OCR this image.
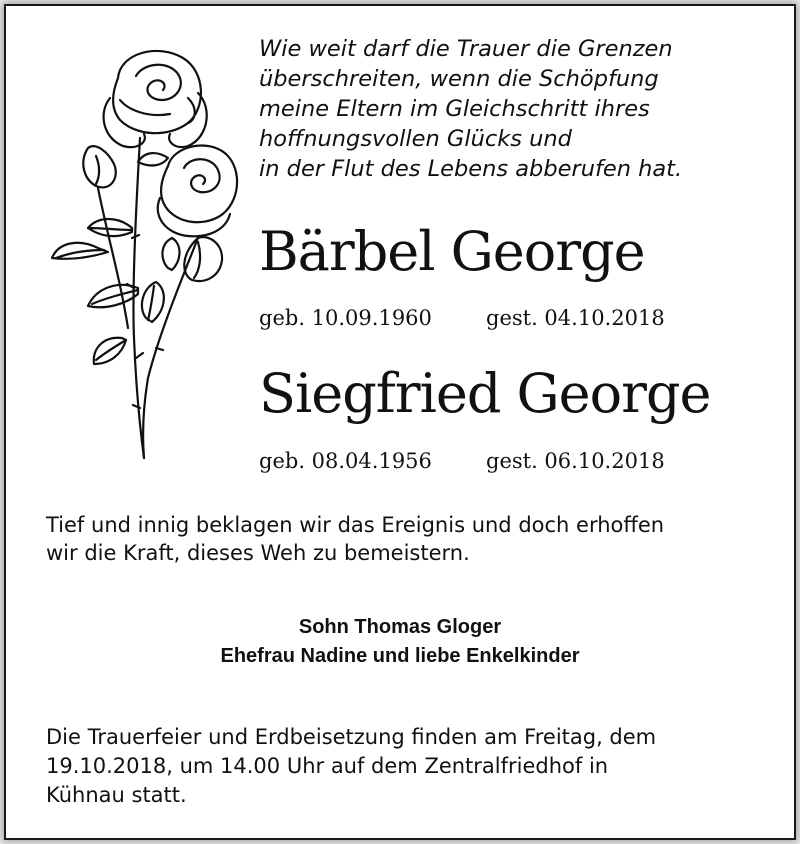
Wie weit darf die Trauer die Grenzen
überschreiten, wenn die Schöpfung
meine Eltern im Gleichschritt ihres
hoffnungsvollen Glücks und
in der Flut des Lebens abberufen hat.
Bärbel George
geb. 10.09.1960	gest. 04.10.2018
Siegfried George
geb. 08.04.1956	gest. 06.10.2018
Tief und innig beklagen wir das Ereignis und doch erhoffen
wir die Kraft, dieses Weh zu bemeistern.
Sohn Thomas Gloger
Ehefrau Nadine und liebe Enkelkinder
Die Trauerfeier und Erdbeisetzung finden am Freitag, dem
19.10.2018, um 14.00 Uhr auf dem Zentralfriedhof in
Kühnau statt.
